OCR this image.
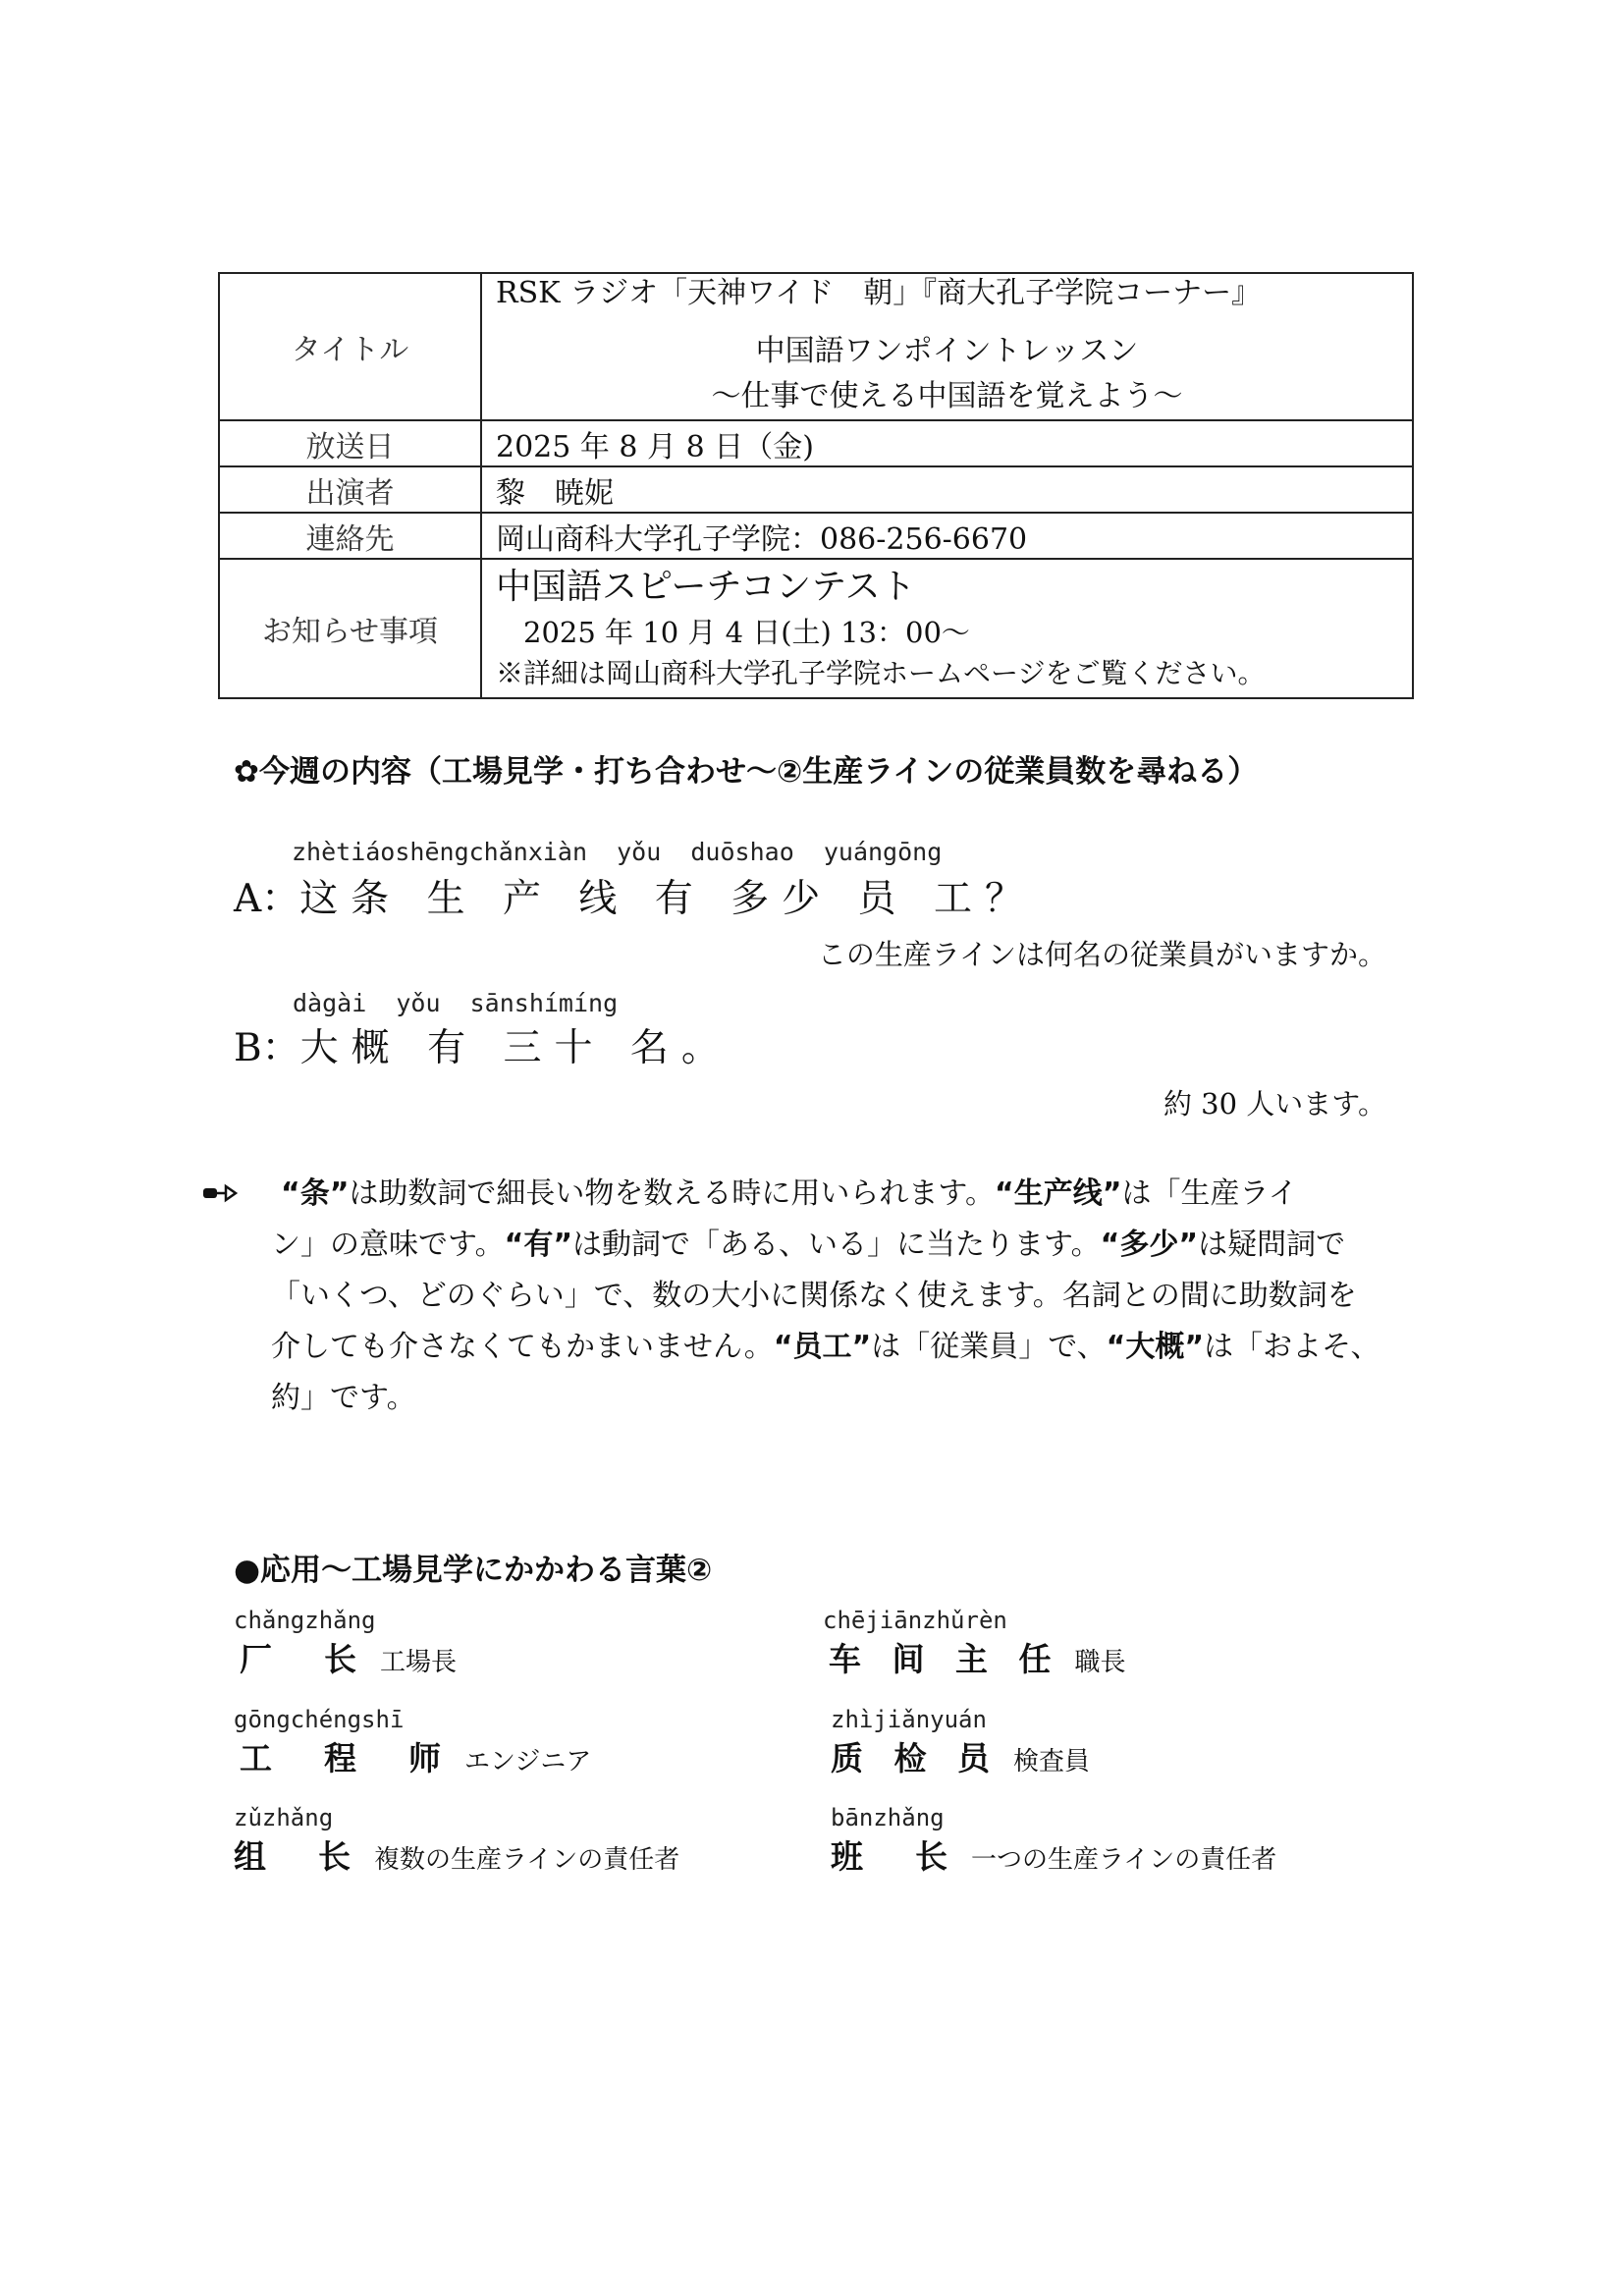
タイトル	RSK ラジオ「天神ワイド　朝」『商大孔子学院コーナー』
中国語ワンポイントレッスン
～仕事で使える中国語を覚えよう～

放送日	2025 年 8 月 8 日（金)
出演者	黎　暁妮
連絡先	岡山商科大学孔子学院：086-256-6670
お知らせ事項	中国語スピーチコンテスト
2025 年 10 月 4 日(土) 13：00～
※詳細は岡山商科大学孔子学院ホームページをご覧ください。
✿今週の内容（工場見学・打ち合わせ～②生産ラインの従業員数を尋ねる）
zhètiáoshēngchǎnxiàn  yǒu  duōshao  yuángōng
A：这条 生 产 线 有 多少 员 工？
この生産ラインは何名の従業員がいますか。
dàgài  yǒu  sānshímíng
B：大概 有 三十 名。
約 30 人います。
“条”は助数詞で細長い物を数える時に用いられます。“生产线”は「生産ライ
ン」の意味です。“有”は動詞で「ある、いる」に当たります。“多少”は疑問詞で
「いくつ、どのぐらい」で、数の大小に関係なく使えます。名詞との間に助数詞を
介しても介さなくてもかまいません。“员工”は「従業員」で、“大概”は「およそ、
約」です。
●応用～工場見学にかかわる言葉②
chǎngzhǎng
厂　长 工場長
chējiānzhǔrèn
车 间 主 任 職長
gōngchéngshī
工　程　师 エンジニア
zhìjiǎnyuán
质 检 员 検査員
zǔzhǎng
组　长 複数の生産ラインの責任者
bānzhǎng
班　长 一つの生産ラインの責任者
